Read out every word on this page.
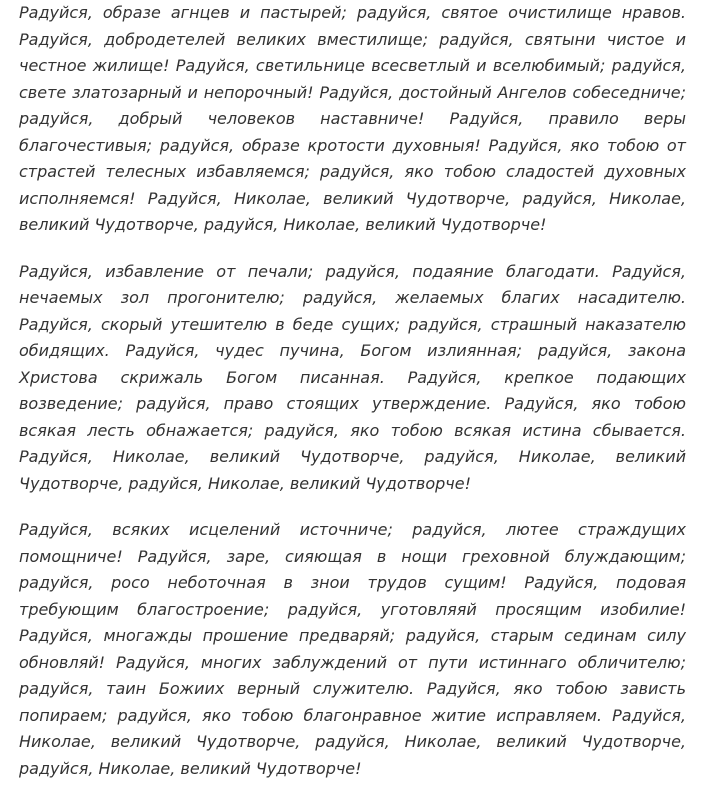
Радуйся, образе агнцев и пастырей; радуйся, святое очистилище нравов. Радуйся, добродетелей великих вместилище; радуйся, святыни чистое и честное жилище! Радуйся, светильнице всесветлый и вселюбимый; радуйся, свете златозарный и непорочный! Радуйся, достойный Ангелов собеседниче; радуйся, добрый человеков наставниче! Радуйся, правило веры благочестивыя; радуйся, образе кротости духовныя! Радуйся, яко тобою от страстей телесных избавляемся; радуйся, яко тобою сладостей духовных исполняемся! Радуйся, Николае, великий Чудотворче, радуйся, Николае, великий Чудотворче, радуйся, Николае, великий Чудотворче!

Радуйся, избавление от печали; радуйся, подаяние благодати. Радуйся, нечаемых зол прогонителю; радуйся, желаемых благих насадителю. Радуйся, скорый утешителю в беде сущих; радуйся, страшный наказателю обидящих. Радуйся, чудес пучина, Богом излиянная; радуйся, закона Христова скрижаль Богом писанная. Радуйся, крепкое подающих возведение; радуйся, право стоящих утверждение. Радуйся, яко тобою всякая лесть обнажается; радуйся, яко тобою всякая истина сбывается. Радуйся, Николае, великий Чудотворче, радуйся, Николае, великий Чудотворче, радуйся, Николае, великий Чудотворче!

Радуйся, всяких исцелений источниче; радуйся, лютее страждущих помощниче! Радуйся, заре, сияющая в нощи греховной блуждающим; радуйся, росо неботочная в знои трудов сущим! Радуйся, подовая требующим благостроение; радуйся, уготовляяй просящим изобилие! Радуйся, многажды прошение предваряй; радуйся, старым сединам силу обновляй! Радуйся, многих заблуждений от пути истиннаго обличителю; радуйся, таин Божиих верный служителю. Радуйся, яко тобою зависть попираем; радуйся, яко тобою благонравное житие исправляем. Радуйся, Николае, великий Чудотворче, радуйся, Николае, великий Чудотворче, радуйся, Николае, великий Чудотворче!
